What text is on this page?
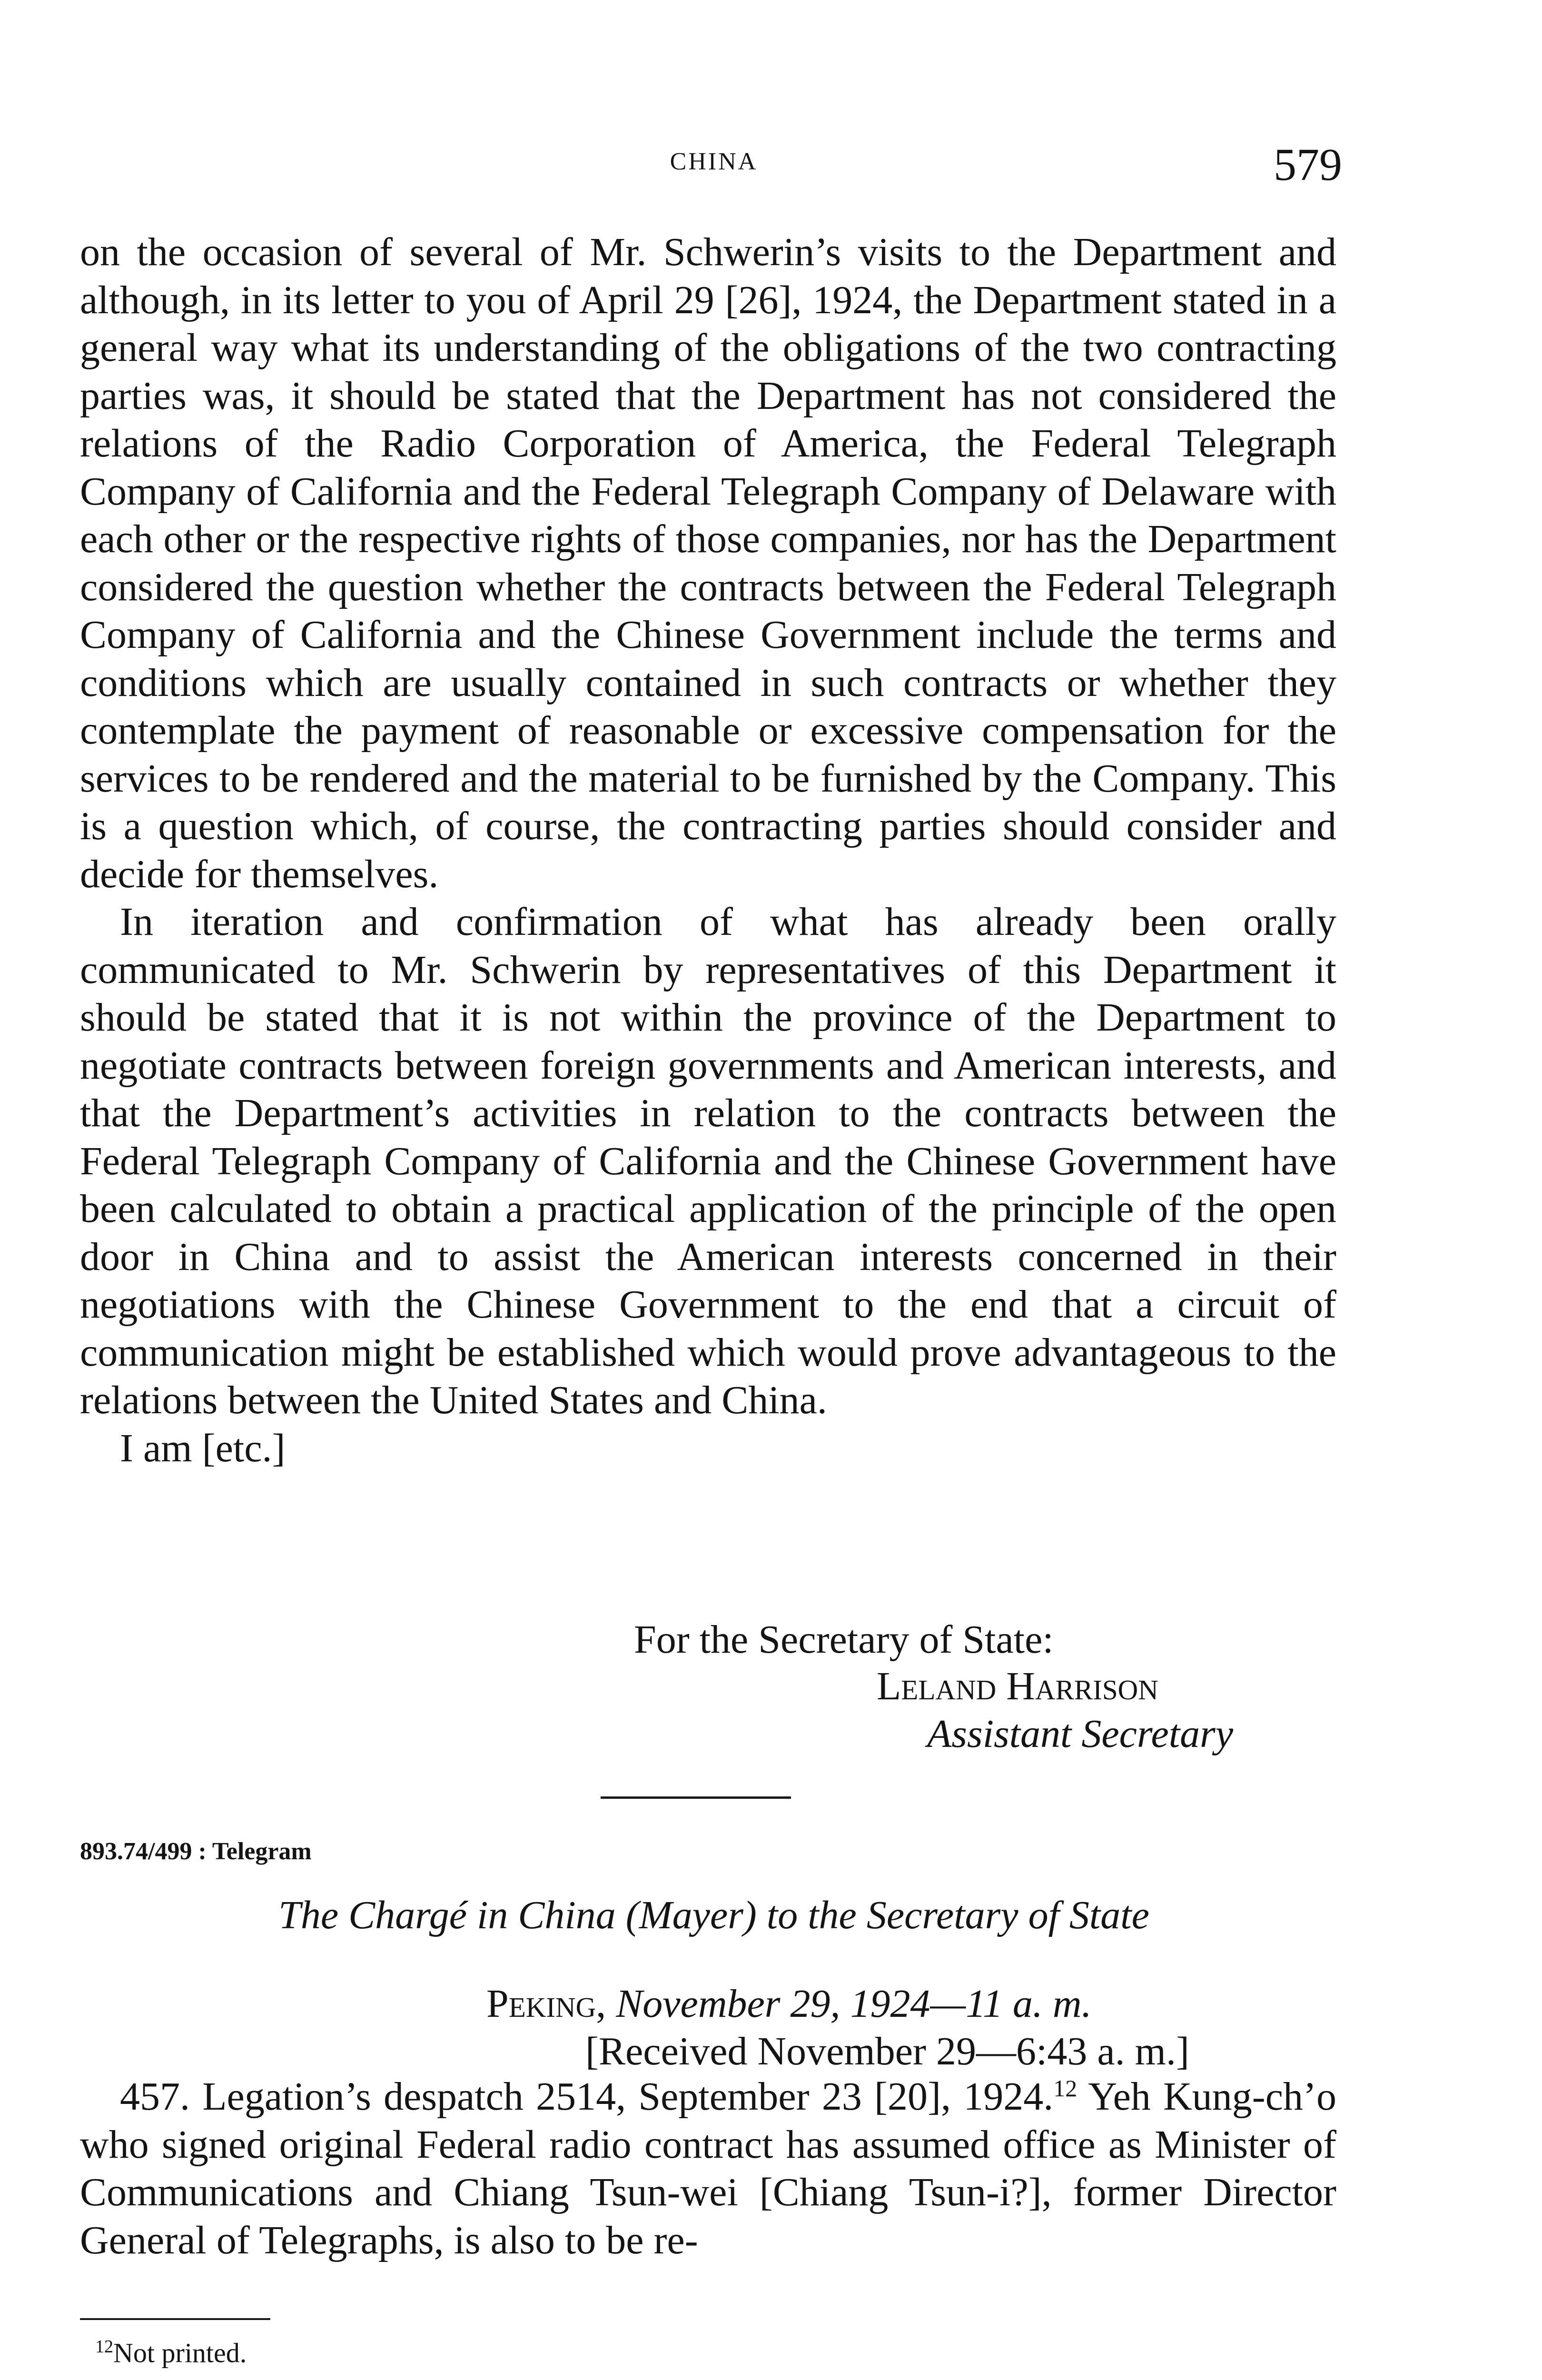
CHINA	579

on the occasion of several of Mr. Schwerin’s visits to the Department and although, in its letter to you of April 29 [26], 1924, the Department stated in a general way what its understanding of the obligations of the two contracting parties was, it should be stated that the Department has not considered the relations of the Radio Corporation of America, the Federal Telegraph Company of California and the Federal Telegraph Company of Delaware with each other or the respective rights of those companies, nor has the Department considered the question whether the contracts between the Federal Telegraph Company of California and the Chinese Government include the terms and conditions which are usually contained in such contracts or whether they contemplate the payment of reasonable or excessive compensation for the services to be rendered and the material to be furnished by the Company. This is a question which, of course, the contracting parties should consider and decide for themselves.

In iteration and confirmation of what has already been orally communicated to Mr. Schwerin by representatives of this Department it should be stated that it is not within the province of the Department to negotiate contracts between foreign governments and American interests, and that the Department’s activities in relation to the contracts between the Federal Telegraph Company of California and the Chinese Government have been calculated to obtain a practical application of the principle of the open door in China and to assist the American interests concerned in their negotiations with the Chinese Government to the end that a circuit of communication might be established which would prove advantageous to the relations between the United States and China.

I am [etc.]

For the Secretary of State:
Leland Harrison
Assistant Secretary
893.74/499 : Telegram
The Chargé in China (Mayer) to the Secretary of State
Peking, November 29, 1924—11 a. m.
[Received November 29—6:43 a. m.]

457. Legation’s despatch 2514, September 23 [20], 1924.12 Yeh Kung-ch’o who signed original Federal radio contract has assumed office as Minister of Communications and Chiang Tsun-wei [Chiang Tsun-i?], former Director General of Telegraphs, is also to be re-

$^{12}$Not printed.
